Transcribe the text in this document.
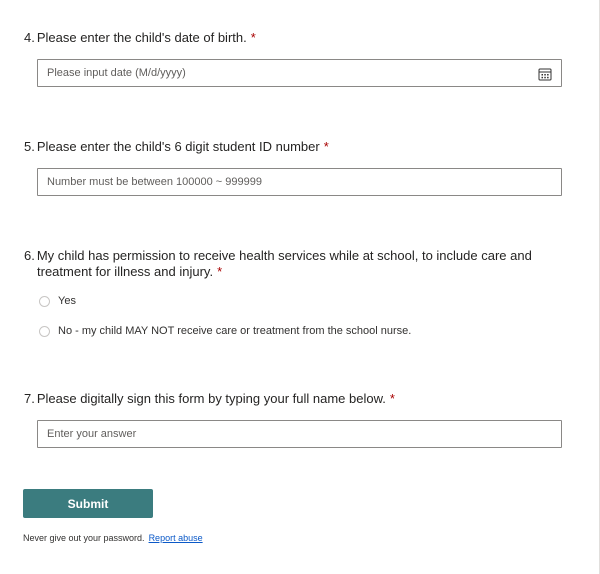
4. Please enter the child's date of birth. *
Please input date (M/d/yyyy)
5. Please enter the child's 6 digit student ID number *
Number must be between 100000 ~ 999999
6. My child has permission to receive health services while at school, to include care and treatment for illness and injury. *
Yes
No - my child MAY NOT receive care or treatment from the school nurse.
7. Please digitally sign this form by typing your full name below. *
Enter your answer
Submit
Never give out your password. Report abuse
